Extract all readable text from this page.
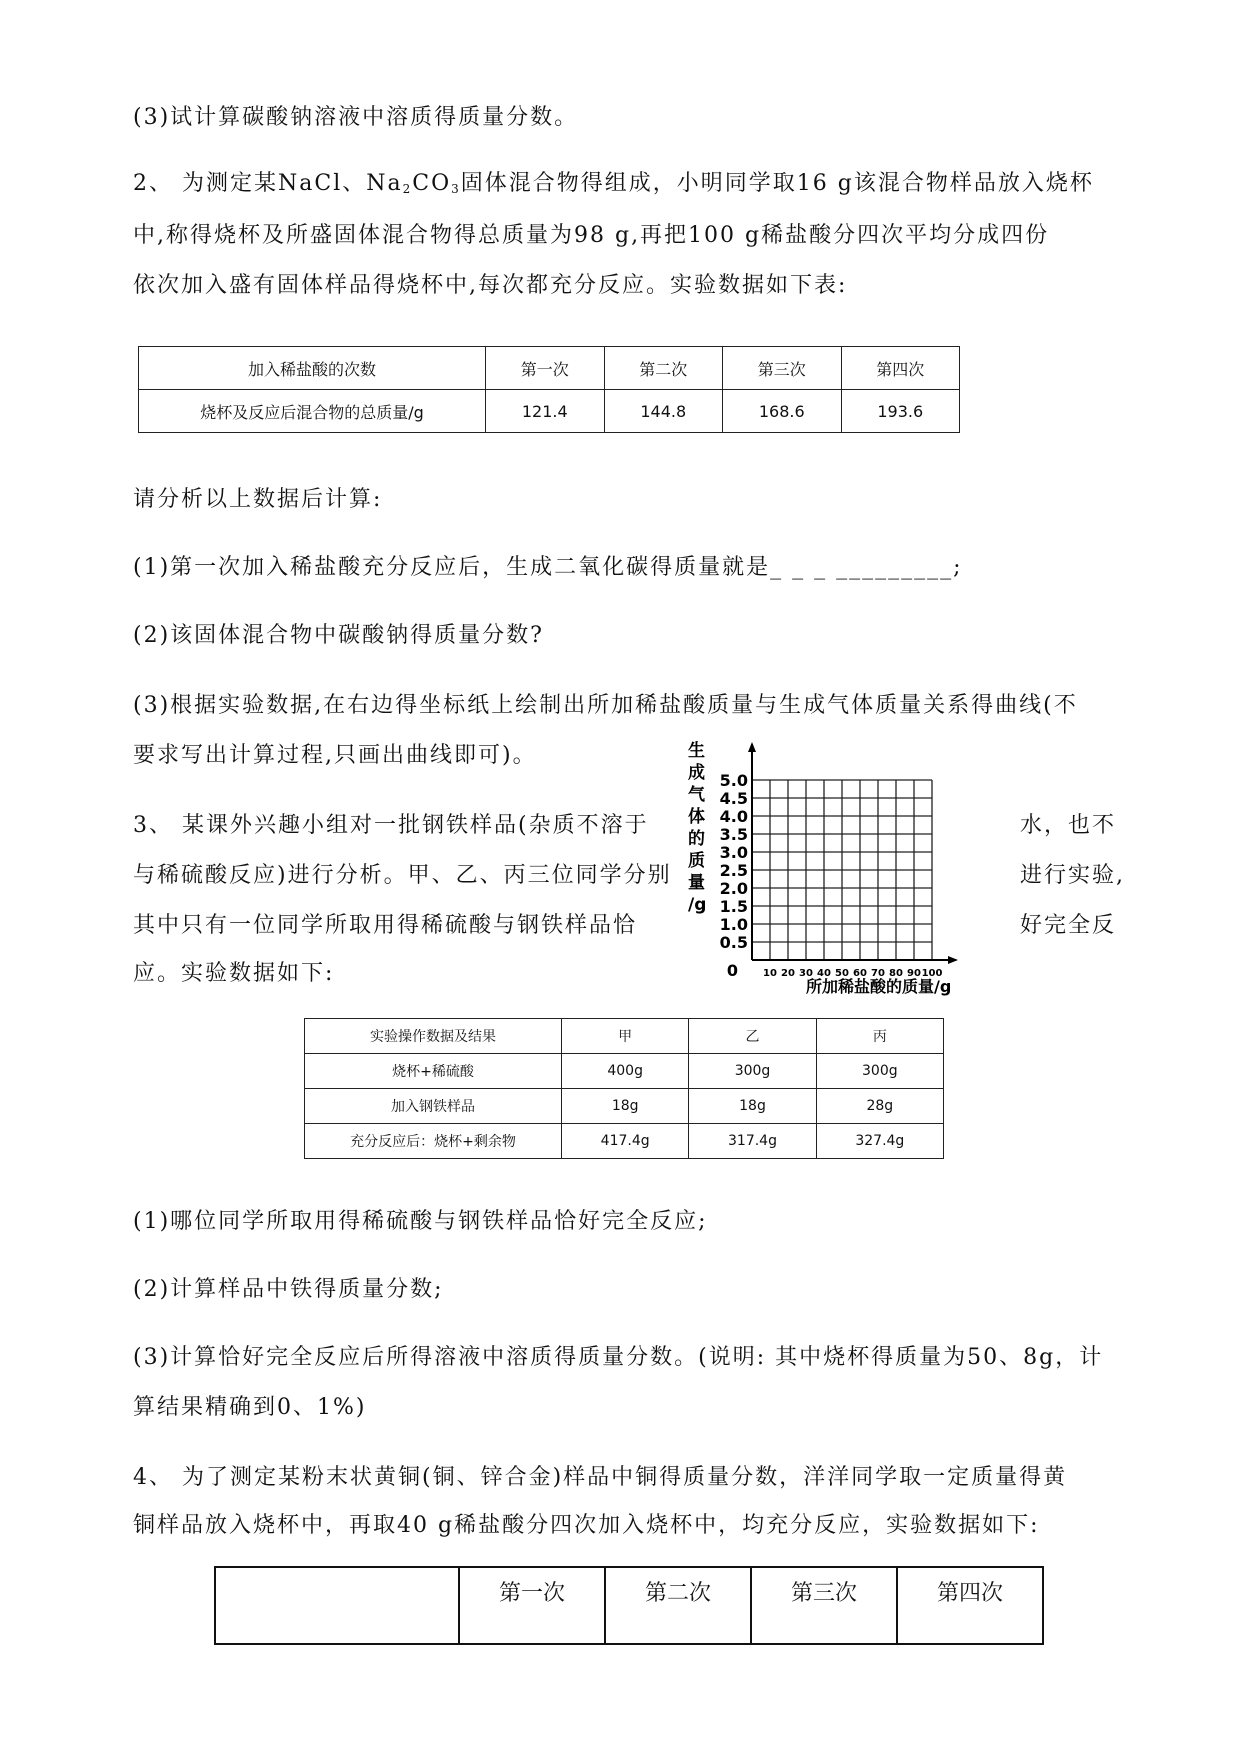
(3)试计算碳酸钠溶液中溶质得质量分数。
2、 为测定某NaCl、$Na_2CO_3$固体混合物得组成，小明同学取16 g该混合物样品放入烧杯
中,称得烧杯及所盛固体混合物得总质量为98 g,再把100 g稀盐酸分四次平均分成四份
依次加入盛有固体样品得烧杯中,每次都充分反应。实验数据如下表:
加入稀盐酸的次数	第一次	第二次	第三次	第四次
烧杯及反应后混合物的总质量/g	121.4	144.8	168.6	193.6
请分析以上数据后计算:
(1)第一次加入稀盐酸充分反应后，生成二氧化碳得质量就是_ _ _ _________;
(2)该固体混合物中碳酸钠得质量分数?
(3)根据实验数据,在右边得坐标纸上绘制出所加稀盐酸质量与生成气体质量关系得曲线(不
要求写出计算过程,只画出曲线即可)。
3、 某课外兴趣小组对一批钢铁样品(杂质不溶于	水，也不
与稀硫酸反应)进行分析。甲、乙、丙三位同学分别	进行实验,
其中只有一位同学所取用得稀硫酸与钢铁样品恰	好完全反
应。实验数据如下:
生
成
气
体
的
质
量
/g
5.0
4.5
4.0
3.5
3.0
2.5
2.0
1.5
1.0
0.5
0	10 20 30 40 50 60 70 80 90 100
所加稀盐酸的质量/g
实验操作数据及结果	甲	乙	丙
烧杯+稀硫酸	400g	300g	300g
加入钢铁样品	18g	18g	28g
充分反应后：烧杯+剩余物	417.4g	317.4g	327.4g
(1)哪位同学所取用得稀硫酸与钢铁样品恰好完全反应;
(2)计算样品中铁得质量分数;
(3)计算恰好完全反应后所得溶液中溶质得质量分数。(说明: 其中烧杯得质量为50、8g，计
算结果精确到0、1%)
4、 为了测定某粉末状黄铜(铜、锌合金)样品中铜得质量分数，洋洋同学取一定质量得黄
铜样品放入烧杯中，再取40 g稀盐酸分四次加入烧杯中，均充分反应，实验数据如下:
	第一次	第二次	第三次	第四次
